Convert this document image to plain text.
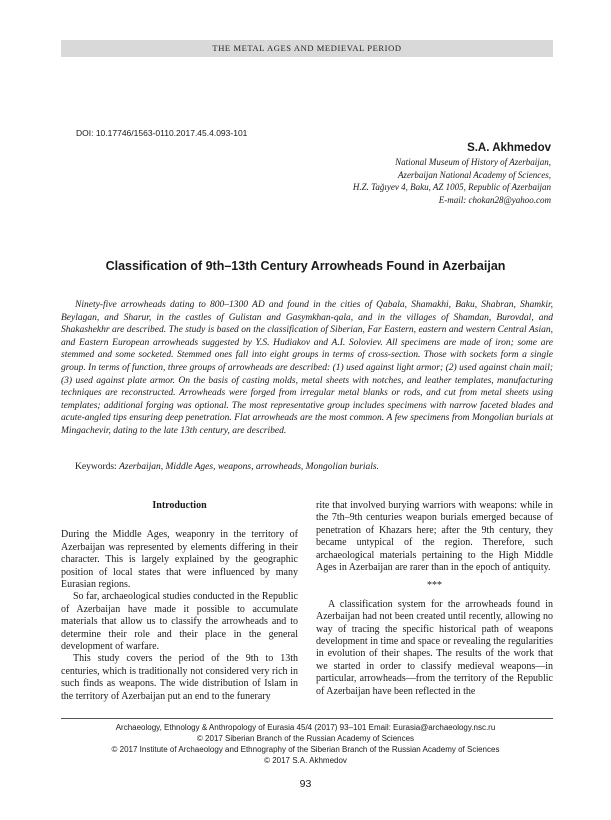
THE METAL AGES AND MEDIEVAL PERIOD
DOI: 10.17746/1563-0110.2017.45.4.093-101
S.A. Akhmedov
National Museum of History of Azerbaijan,
Azerbaijan National Academy of Sciences,
H.Z. Tağıyev 4, Baku, AZ 1005, Republic of Azerbaijan
E-mail: chokan28@yahoo.com
Classification of 9th–13th Century Arrowheads Found in Azerbaijan

Ninety-five arrowheads dating to 800–1300 AD and found in the cities of Qabala, Shamakhi, Baku, Shabran, Shamkir, Beylagan, and Sharur, in the castles of Gulistan and Gasymkhan-qala, and in the villages of Shamdan, Burovdal, and Shakashekhr are described. The study is based on the classification of Siberian, Far Eastern, eastern and western Central Asian, and Eastern European arrowheads suggested by Y.S. Hudiakov and A.I. Soloviev. All specimens are made of iron; some are stemmed and some socketed. Stemmed ones fall into eight groups in terms of cross-section. Those with sockets form a single group. In terms of function, three groups of arrowheads are described: (1) used against light armor; (2) used against chain mail; (3) used against plate armor. On the basis of casting molds, metal sheets with notches, and leather templates, manufacturing techniques are reconstructed. Arrowheads were forged from irregular metal blanks or rods, and cut from metal sheets using templates; additional forging was optional. The most representative group includes specimens with narrow faceted blades and acute-angled tips ensuring deep penetration. Flat arrowheads are the most common. A few specimens from Mongolian burials at Mingachevir, dating to the late 13th century, are described.

Keywords: Azerbaijan, Middle Ages, weapons, arrowheads, Mongolian burials.
Introduction

During the Middle Ages, weaponry in the territory of Azerbaijan was represented by elements differing in their character. This is largely explained by the geographic position of local states that were influenced by many Eurasian regions.

So far, archaeological studies conducted in the Republic of Azerbaijan have made it possible to accumulate materials that allow us to classify the arrowheads and to determine their role and their place in the general development of warfare.

This study covers the period of the 9th to 13th centuries, which is traditionally not considered very rich in such finds as weapons. The wide distribution of Islam in the territory of Azerbaijan put an end to the funerary

rite that involved burying warriors with weapons: while in the 7th–9th centuries weapon burials emerged because of penetration of Khazars here; after the 9th century, they became untypical of the region. Therefore, such archaeological materials pertaining to the High Middle Ages in Azerbaijan are rarer than in the epoch of antiquity.

***

A classification system for the arrowheads found in Azerbaijan had not been created until recently, allowing no way of tracing the specific historical path of weapons development in time and space or revealing the regularities in evolution of their shapes. The results of the work that we started in order to classify medieval weapons—in particular, arrowheads—from the territory of the Republic of Azerbaijan have been reflected in the

Archaeology, Ethnology & Anthropology of Eurasia 45/4 (2017) 93–101 Email: Eurasia@archaeology.nsc.ru
© 2017 Siberian Branch of the Russian Academy of Sciences
© 2017 Institute of Archaeology and Ethnography of the Siberian Branch of the Russian Academy of Sciences
© 2017 S.A. Akhmedov
93
